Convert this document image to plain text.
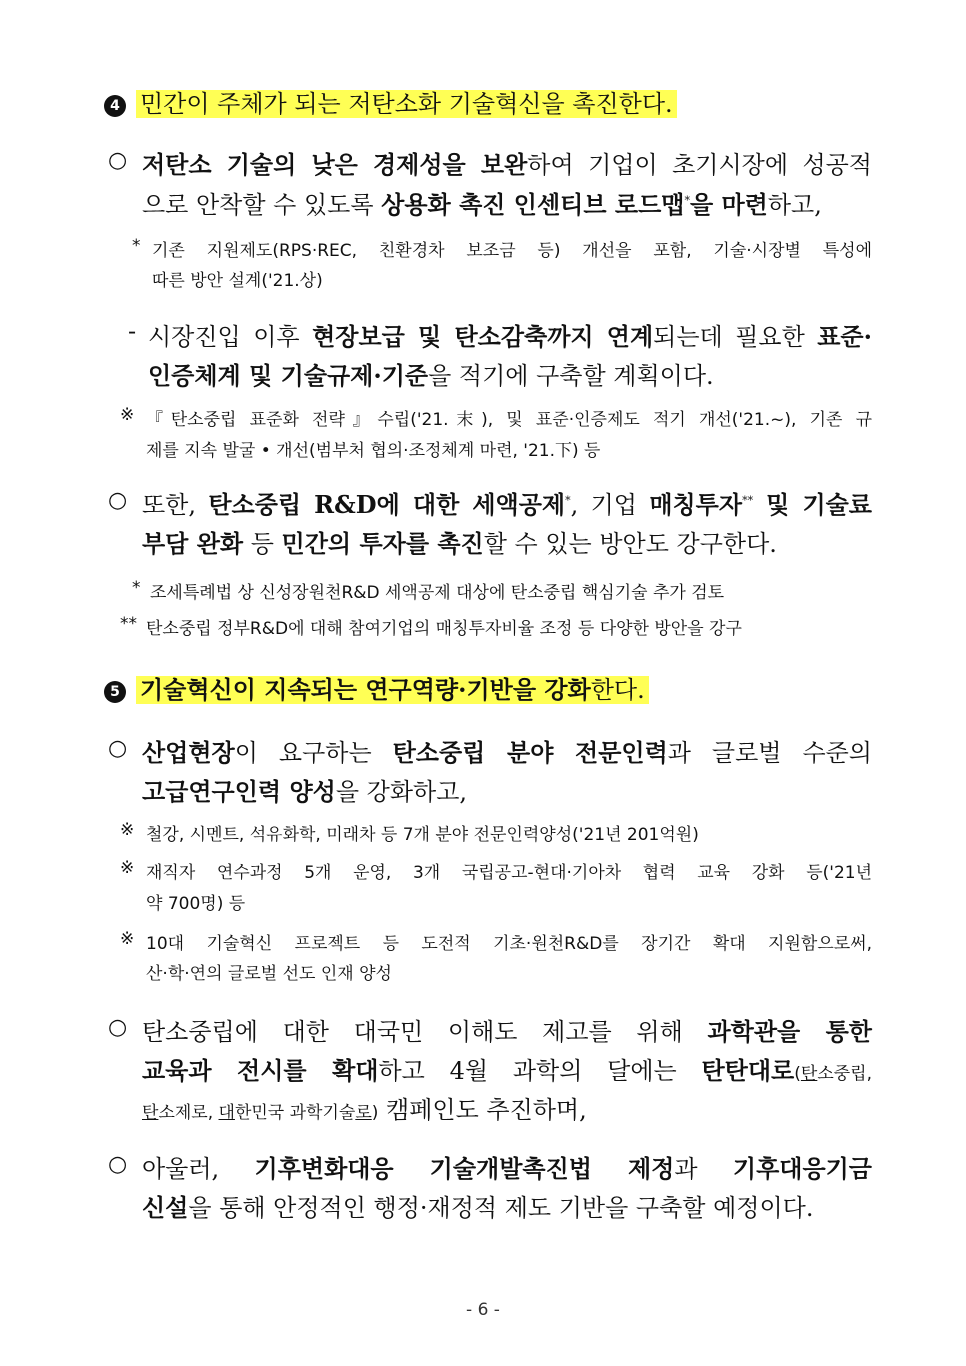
4 민간이 주체가 되는 저탄소화 기술혁신을 촉진한다.
○ 저탄소 기술의 낮은 경제성을 보완하여 기업이 초기시장에 성공적
으로 안착할 수 있도록 상용화 촉진 인센티브 로드맵*을 마련하고,
* 기존 지원제도(RPS·REC, 친환경차 보조금 등) 개선을 포함, 기술·시장별 특성에
따른 방안 설계('21.상)
- 시장진입 이후 현장보급 및 탄소감축까지 연계되는데 필요한 표준·
인증체계 및 기술규제·기준을 적기에 구축할 계획이다.
※ 『탄소중립 표준화 전략』수립('21.末), 및 표준·인증제도 적기 개선('21.~), 기존 규
제를 지속 발굴 • 개선(범부처 협의·조정체계 마련, '21.下) 등
○ 또한, 탄소중립 R&D에 대한 세액공제*, 기업 매칭투자** 및 기술료
부담 완화 등 민간의 투자를 촉진할 수 있는 방안도 강구한다.
* 조세특례법 상 신성장원천R&D 세액공제 대상에 탄소중립 핵심기술 추가 검토
** 탄소중립 정부R&D에 대해 참여기업의 매칭투자비율 조정 등 다양한 방안을 강구
5 기술혁신이 지속되는 연구역량·기반을 강화한다.
○ 산업현장이 요구하는 탄소중립 분야 전문인력과 글로벌 수준의
고급연구인력 양성을 강화하고,
※ 철강, 시멘트, 석유화학, 미래차 등 7개 분야 전문인력양성('21년 201억원)
※ 재직자 연수과정 5개 운영, 3개 국립공고-현대·기아차 협력 교육 강화 등('21년
약 700명) 등
※ 10대 기술혁신 프로젝트 등 도전적 기초·원천R&D를 장기간 확대 지원함으로써,
산·학·연의 글로벌 선도 인재 양성
○ 탄소중립에 대한 대국민 이해도 제고를 위해 과학관을 통한
교육과 전시를 확대하고 4월 과학의 달에는 탄탄대로(탄소중립,
탄소제로, 대한민국 과학기술로) 캠페인도 추진하며,
○ 아울러, 기후변화대응 기술개발촉진법 제정과 기후대응기금
신설을 통해 안정적인 행정·재정적 제도 기반을 구축할 예정이다.
- 6 -
